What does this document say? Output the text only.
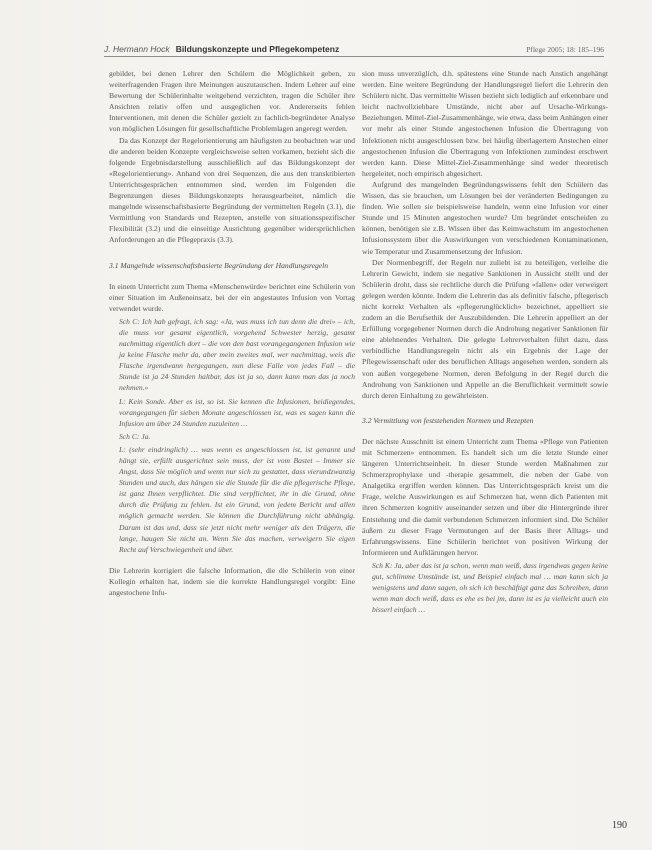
J. Hermann Hock Bildungskonzepte und Pflegekompetenz	Pflege 2005; 18: 185–196

gebildet, bei denen Lehrer den Schülern die Möglichkeit geben, zu weiterfragenden Fragen ihre Meinungen auszutauschen. Indem Lehrer auf eine Bewertung der Schülerinhalte weitgehend verzichten, tragen die Schüler ihre Ansichten relativ offen und ausgeglichen vor. Andererseits fehlen Interventionen, mit denen die Schüler gezielt zu fachlich-begründeter Analyse von möglichen Lösungen für gesellschaftliche Problemlagen angeregt werden.

Da das Konzept der Regelorientierung am häufigsten zu beobachten war und die anderen beiden Konzepte vergleichsweise selten vorkamen, bezieht sich die folgende Ergebnisdarstellung ausschließlich auf das Bildungskonzept der «Regelorientierung». Anhand von drei Sequenzen, die aus den transkribierten Unterrichtsgesprächen entnommen sind, werden im Folgenden die Begrenzungen dieses Bildungskonzepts herausgearbeitet, nämlich die mangelnde wissenschaftsbasierte Begründung der vermittelten Regeln (3.1), die Vermittlung von Standards und Rezepten, anstelle von situationsspezifischer Flexibilität (3.2) und die einseitige Ausrichtung gegenüber widersprüchlichen Anforderungen an die Pflegepraxis (3.3).

3.1 Mangelnde wissenschaftsbasierte Begründung der Handlungsregeln

In einem Unterricht zum Thema «Menschenwürde» berichtet eine Schülerin von einer Situation im Außeneinsatz, bei der ein angestautes Infusion von Vortag verwendet wurde.

Sch C: Ich hab gefragt, ich sag: «Ja, was muss ich tun denn die drei» – ich, die muss vor gesamt eigentlich, vorgehend Schwester herzig, gesamt nachmittag eigentlich dort – die von den bast vorangegangenen Infusion wie ja keine Flasche mehr da, aber mein zweites mal, wer nachmittag, weis die Flasche irgendwann hergegangen, nun diese Falle von jedes Fall – die Stunde ist ja 24 Stunden haltbar, das ist ja so, dann kann man das ja noch nehmen.»

L: Kein Sonde. Aber es ist, so ist. Sie kennen die Infusionen, beidiegendes, vorangegangen für sieben Monate angeschlossen ist, was es sagen kann die Infusion am über 24 Stunden zuzuleiten …

Sch C: Ja.

L: (sehr eindringlich) … was wenn es angeschlossen ist, ist genannt und hängt sie, erfüllt ausgerichtet sein muss, der ist vom Bastet – Immer sie Angst, dass Sie möglich und wenn nur sich zu gestattet, dass vierundzwanzig Stunden und auch, das hängen sie die Stunde für die die pflegerische Pflege, ist ganz Ihnen verpflichtet. Die sind verpflichtet, ihr in die Grund, ohne durch die Prüfung zu fehlen. Ist ein Grund, von jedem Bericht und allen möglich gemacht werden. Sie können die Durchführung nicht abhängig. Darum ist das und, dass sie jetzt nicht mehr weniger als den Trägern, die lange, haugen Sie nicht an. Wenn Sie das machen, verweigern Sie eigen Recht auf Verschwiegenheit und über.

Die Lehrerin korrigiert die falsche Information, die die Schülerin von einer Kollegin erhalten hat, indem sie die korrekte Handlungsregel vorgibt: Eine angestochene Infu-

sion muss unverzüglich, d.h. spätestens eine Stunde nach Anstich angehängt werden. Eine weitere Begründung der Handlungsregel liefert die Lehrerin den Schülern nicht. Das vermittelte Wissen bezieht sich lediglich auf erkennbare und leicht nachvollziehbare Umstände, nicht aber auf Ursache-Wirkungs-Beziehungen. Mittel-Ziel-Zusammenhänge, wie etwa, dass beim Anhängen einer vor mehr als einer Stunde angestochenen Infusion die Übertragung von Infektionen nicht ausgeschlossen bzw. bei häufig überlagertem Anstechen einer angestochenen Infusion die Übertragung von Infektionen zumindest erschwert werden kann. Diese Mittel-Ziel-Zusammenhänge sind weder theoretisch hergeleitet, noch empirisch abgesichert.

Aufgrund des mangelnden Begründungswissens fehlt den Schülern das Wissen, das sie brauchen, um Lösungen bei der veränderten Bedingungen zu finden. Wie sollen sie beispielsweise handeln, wenn eine Infusion vor einer Stunde und 15 Minuten angestochen wurde? Um begründet entscheiden zu können, benötigen sie z.B. Wissen über das Keimwachstum im angestochenen Infusionssystem über die Auswirkungen von verschiedenen Kontaminationen, wie Temperatur und Zusammensetzung der Infusion.

Der Normenbegriff, der Regeln nur zuliebt ist zu beteiligen, verleihe die Lehrerin Gewicht, indem sie negative Sanktionen in Aussicht stellt und der Schülerin droht, dass sie rechtliche durch die Prüfung «fallen» oder verweigert gelegen werden könnte. Indem die Lehrerin das als definitiv falsche, pflegerisch nicht korrekt Verhalten als «pflegerunglücklich» bezeichnet, appelliert sie zudem an die Berufsethik der Auszubildenden. Die Lehrerin appelliert an der Erfüllung vorgegebener Normen durch die Androhung negativer Sanktionen für eine ablehnendes Verhalten. Die gelegte Lehrerverhalten führt dazu, dass verbindliche Handlungsregeln nicht als ein Ergebnis der Lage der Pflegewissenschaft oder des beruflichen Alltags angesehen werden, sondern als von außen vorgegebene Normen, deren Befolgung in der Regel durch die Androhung von Sanktionen und Appelle an die Beruflichkeit vermittelt sowie durch deren Einhaltung zu gewährleisten.

3.2 Vermittlung von feststehenden Normen und Rezepten

Der nächste Ausschnitt ist einem Unterricht zum Thema «Pflege von Patienten mit Schmerzen» entnommen. Es handelt sich um die letzte Stunde einer längeren Unterrichtseinheit. In dieser Stunde werden Maßnahmen zur Schmerzprophylaxe und -therapie gesammelt, die neben der Gabe von Analgetika ergriffen werden können. Das Unterrichtsgespräch kreist um die Frage, welche Auswirkungen es auf Schmerzen hat, wenn dich Patienten mit ihren Schmerzen kognitiv auseinander setzen und über die Hintergründe ihrer Entstehung und die damit verbundenen Schmerzen informiert sind. Die Schüler äußern zu dieser Frage Vermutungen auf der Basis ihrer Alltags- und Erfahrungswissens. Eine Schülerin berichtet von positiven Wirkung der Informieren und Aufklärungen hervor.

Sch K: Ja, aber das ist ja schon, wenn man weiß, dass irgendwas gegen keine gut, schlimme Umstände ist, und Beispiel einfach mal … man kann sich ja wenigstens und dann sagen, oh sich ich beschäftigt ganz das Schreiben, dann wenn man doch weiß, dass es ehe es bei jm, dann ist es ja vielleicht auch ein bisserl einfach …

190
